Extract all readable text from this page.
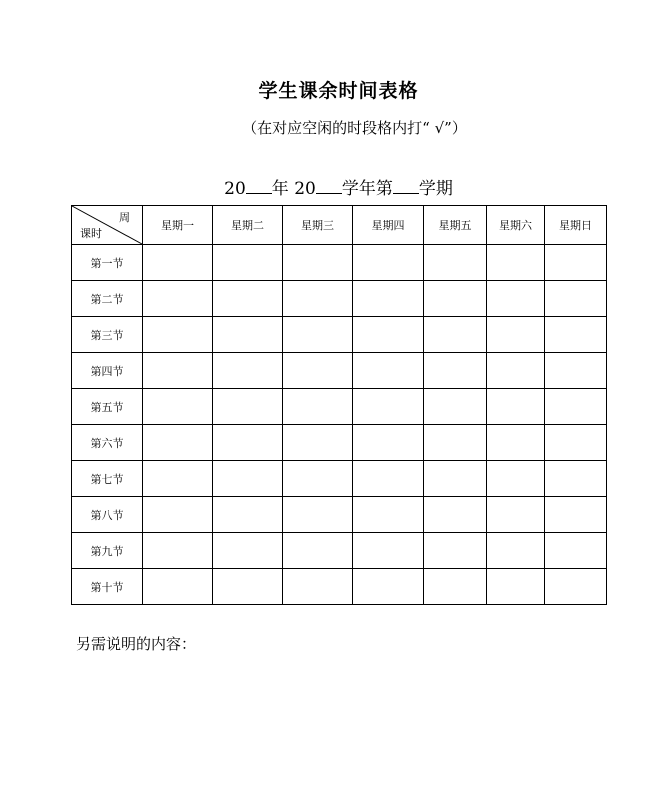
学生课余时间表格
（在对应空闲的时段格内打“ √”）
20 年 20 学年第 学期
周
课时	星期一	星期二	星期三	星期四	星期五	星期六	星期日
第一节							
第二节							
第三节							
第四节							
第五节							
第六节							
第七节							
第八节							
第九节							
第十节							
另需说明的内容：
